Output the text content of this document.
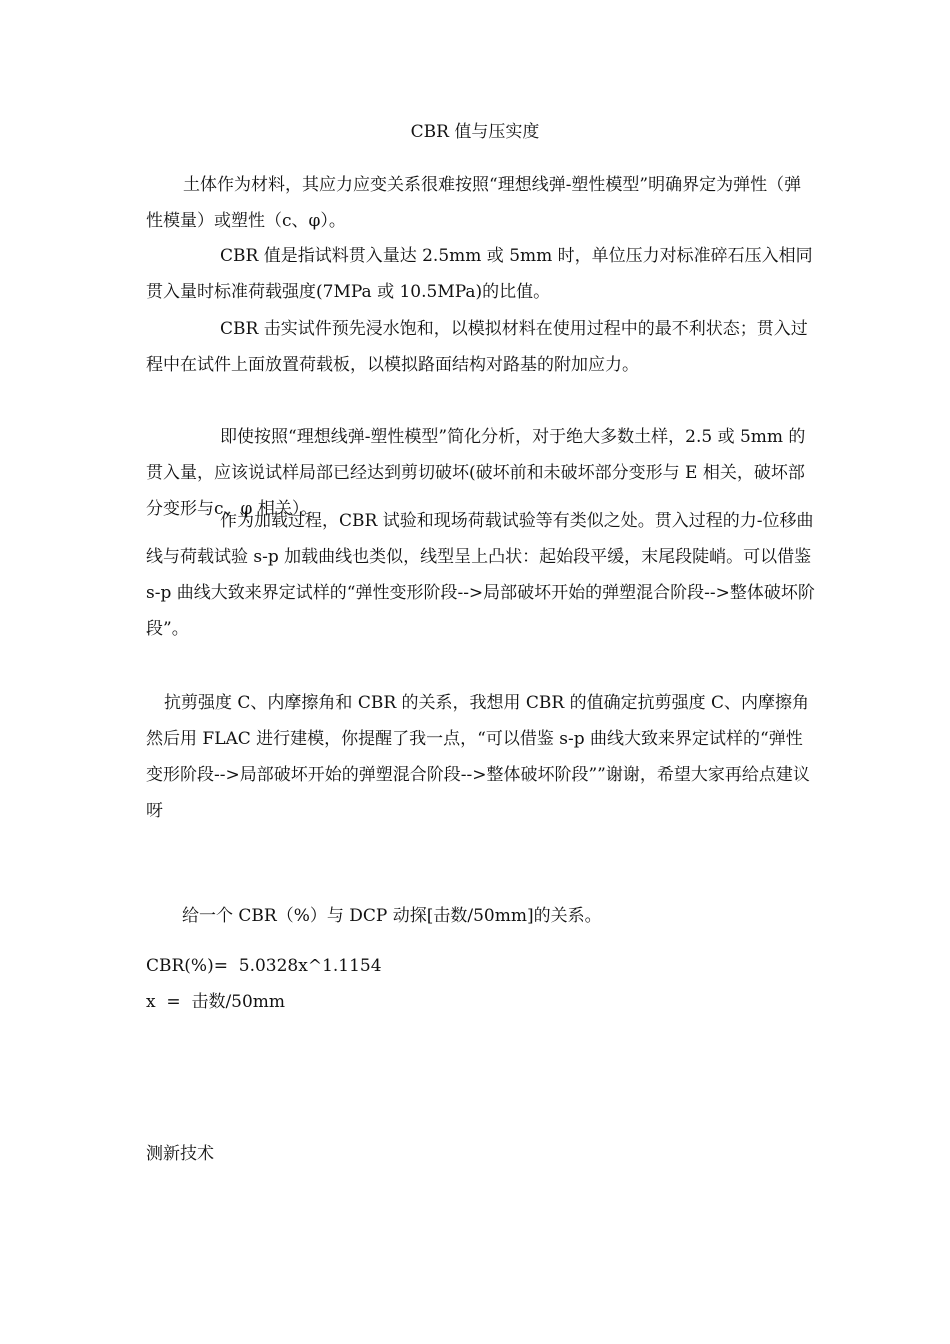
CBR 值与压实度

土体作为材料，其应力应变关系很难按照“理想线弹-塑性模型”明确界定为弹性（弹性模量）或塑性（c、φ）。

CBR 值是指试料贯入量达 2.5mm 或 5mm 时，单位压力对标准碎石压入相同贯入量时标准荷载强度(7MPa 或 10.5MPa)的比值。

CBR 击实试件预先浸水饱和，以模拟材料在使用过程中的最不利状态；贯入过程中在试件上面放置荷载板，以模拟路面结构对路基的附加应力。

即使按照“理想线弹-塑性模型”简化分析，对于绝大多数土样，2.5 或 5mm 的贯入量，应该说试样局部已经达到剪切破坏(破坏前和未破坏部分变形与 E 相关，破坏部分变形与c、φ 相关）。

作为加载过程，CBR 试验和现场荷载试验等有类似之处。贯入过程的力-位移曲线与荷载试验 s-p 加载曲线也类似，线型呈上凸状：起始段平缓，末尾段陡峭。可以借鉴 s-p 曲线大致来界定试样的“弹性变形阶段-->局部破坏开始的弹塑混合阶段-->整体破坏阶段”。

抗剪强度 C、内摩擦角和 CBR 的关系，我想用 CBR 的值确定抗剪强度 C、内摩擦角然后用 FLAC 进行建模，你提醒了我一点，“可以借鉴 s-p 曲线大致来界定试样的“弹性变形阶段-->局部破坏开始的弹塑混合阶段-->整体破坏阶段””谢谢，希望大家再给点建议呀

给一个 CBR（%）与 DCP 动探[击数/50mm]的关系。
CBR(%)=  5.0328x^1.1154
x  =  击数/50mm
测新技术
